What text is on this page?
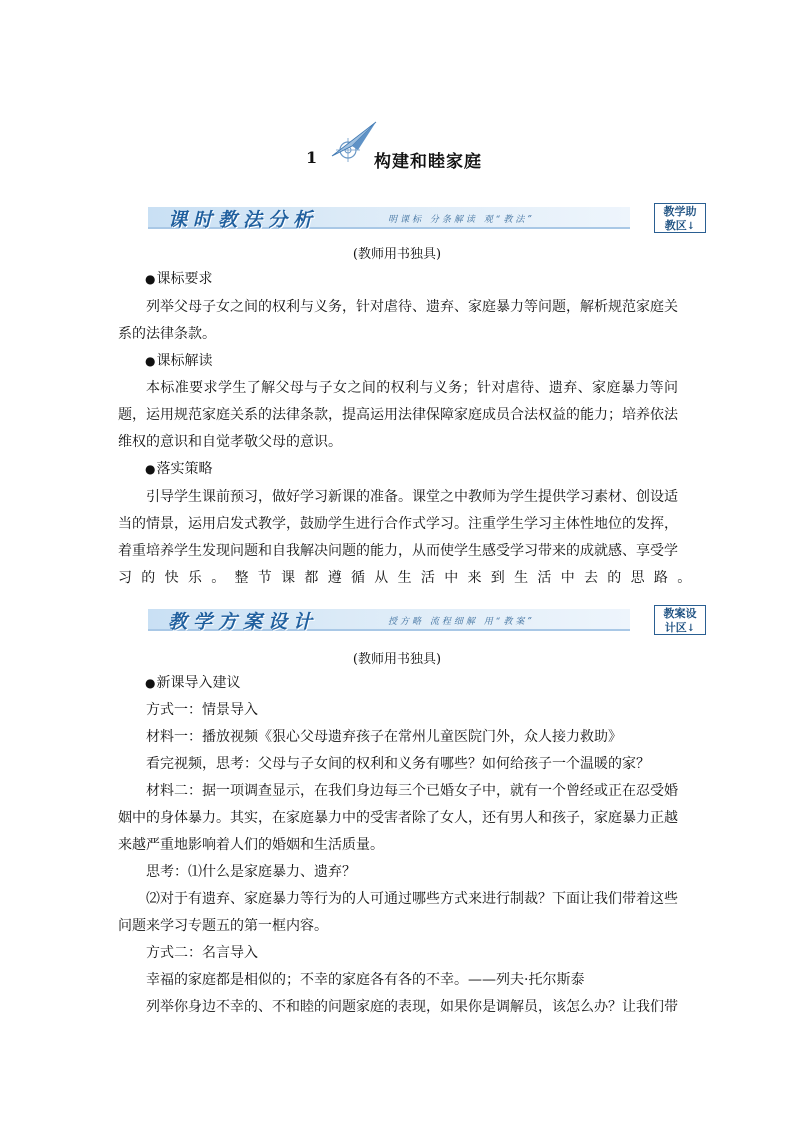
1	构建和睦家庭
课时教法分析	明课标 分条解读 观“教法”
教学助
教区↓
(教师用书独具)
● 课标要求
列举父母子女之间的权利与义务，针对虐待、遗弃、家庭暴力等问题，解析规范家庭关系的法律条款。
● 课标解读
本标准要求学生了解父母与子女之间的权利与义务；针对虐待、遗弃、家庭暴力等问题，运用规范家庭关系的法律条款，提高运用法律保障家庭成员合法权益的能力；培养依法维权的意识和自觉孝敬父母的意识。
● 落实策略
引导学生课前预习，做好学习新课的准备。课堂之中教师为学生提供学习素材、创设适当的情景，运用启发式教学，鼓励学生进行合作式学习。注重学生学习主体性地位的发挥，着重培养学生发现问题和自我解决问题的能力，从而使学生感受学习带来的成就感、享受学
习的快乐。整节课都遵循从生活中来到生活中去的思路。
教学方案设计	授方略 流程细解 用“教案”
教案设
计区↓
(教师用书独具)
● 新课导入建议
方式一：情景导入
材料一：播放视频《狠心父母遗弃孩子在常州儿童医院门外，众人接力救助》
看完视频，思考：父母与子女间的权利和义务有哪些？如何给孩子一个温暖的家？
材料二：据一项调查显示，在我们身边每三个已婚女子中，就有一个曾经或正在忍受婚姻中的身体暴力。其实，在家庭暴力中的受害者除了女人，还有男人和孩子，家庭暴力正越来越严重地影响着人们的婚姻和生活质量。
思考：⑴什么是家庭暴力、遗弃？
⑵对于有遗弃、家庭暴力等行为的人可通过哪些方式来进行制裁？下面让我们带着这些问题来学习专题五的第一框内容。
方式二：名言导入
幸福的家庭都是相似的；不幸的家庭各有各的不幸。——列夫·托尔斯泰
列举你身边不幸的、不和睦的问题家庭的表现，如果你是调解员，该怎么办？让我们带
